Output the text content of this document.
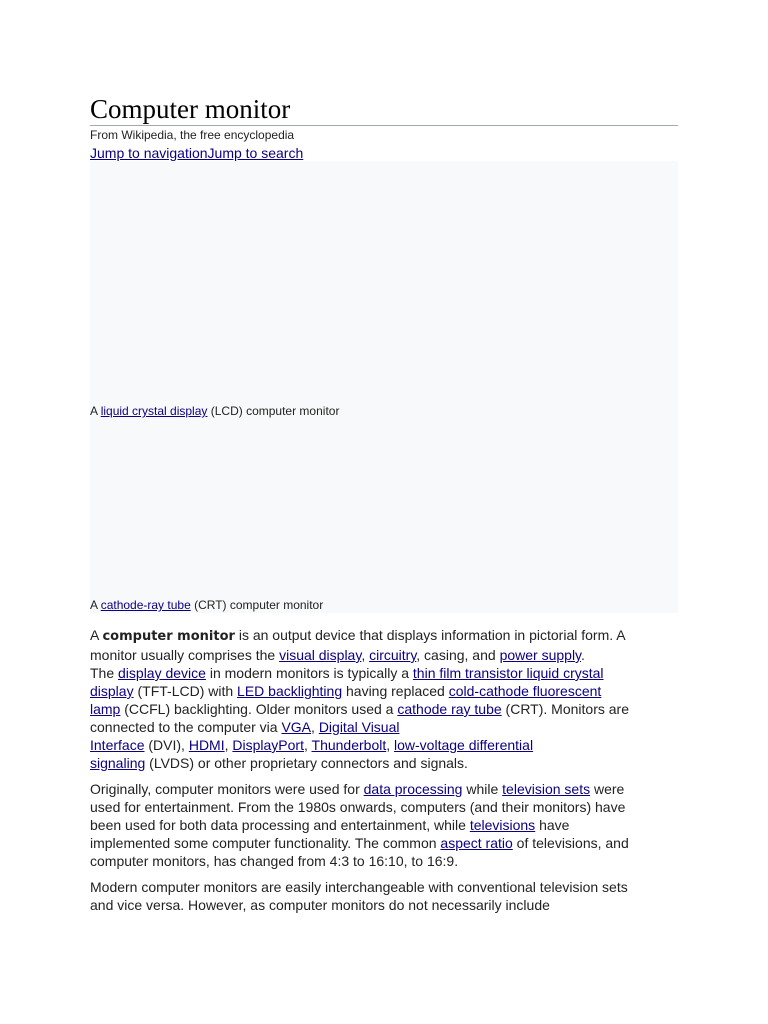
Computer monitor
From Wikipedia, the free encyclopedia
Jump to navigationJump to search
A liquid crystal display (LCD) computer monitor
A cathode-ray tube (CRT) computer monitor

A computer monitor is an output device that displays information in pictorial form. A
monitor usually comprises the visual display, circuitry, casing, and power supply.
The display device in modern monitors is typically a thin film transistor liquid crystal
display (TFT-LCD) with LED backlighting having replaced cold-cathode fluorescent
lamp (CCFL) backlighting. Older monitors used a cathode ray tube (CRT). Monitors are
connected to the computer via VGA, Digital Visual
Interface (DVI), HDMI, DisplayPort, Thunderbolt, low-voltage differential
signaling (LVDS) or other proprietary connectors and signals.

Originally, computer monitors were used for data processing while television sets were
used for entertainment. From the 1980s onwards, computers (and their monitors) have
been used for both data processing and entertainment, while televisions have
implemented some computer functionality. The common aspect ratio of televisions, and
computer monitors, has changed from 4:3 to 16:10, to 16:9.

Modern computer monitors are easily interchangeable with conventional television sets
and vice versa. However, as computer monitors do not necessarily include
